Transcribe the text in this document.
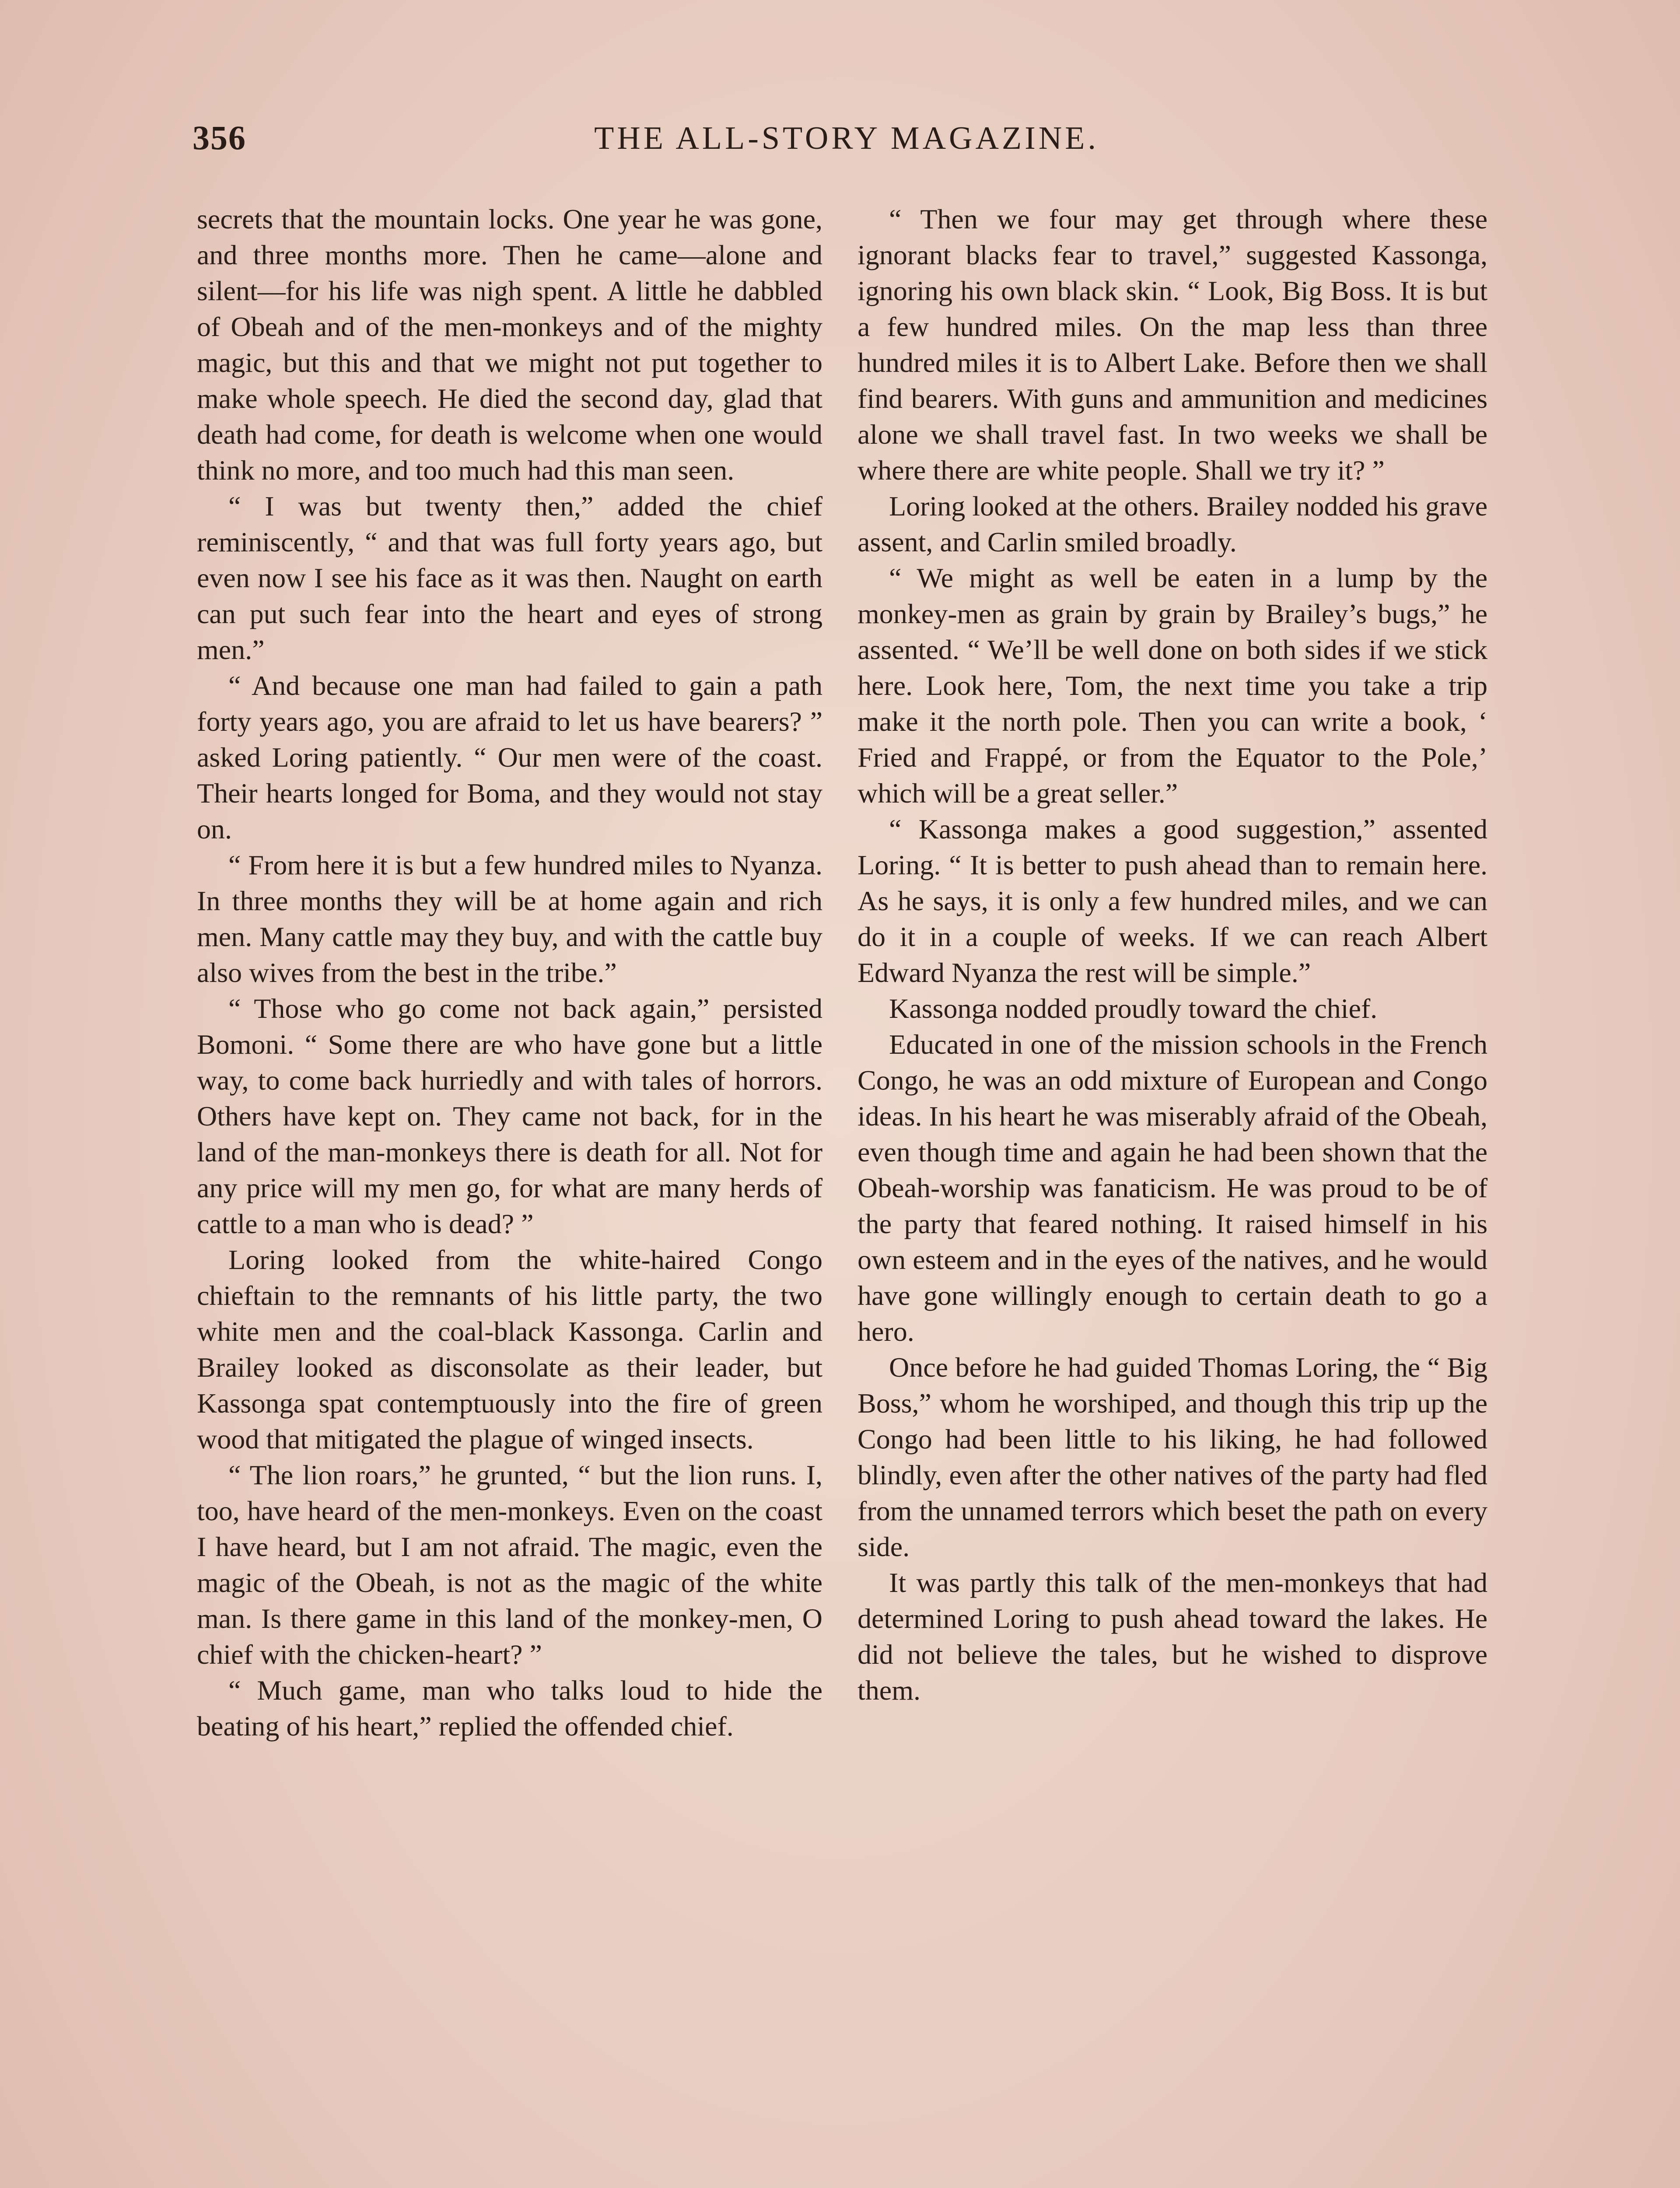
356	THE ALL-STORY MAGAZINE.

secrets that the mountain locks. One year he was gone, and three months more. Then he came—alone and silent—for his life was nigh spent. A little he dabbled of Obeah and of the men-monkeys and of the mighty magic, but this and that we might not put together to make whole speech. He died the second day, glad that death had come, for death is welcome when one would think no more, and too much had this man seen.

“ I was but twenty then,” added the chief reminiscently, “ and that was full forty years ago, but even now I see his face as it was then. Naught on earth can put such fear into the heart and eyes of strong men.”

“ And because one man had failed to gain a path forty years ago, you are afraid to let us have bearers? ” asked Loring patiently. “ Our men were of the coast. Their hearts longed for Boma, and they would not stay on.

“ From here it is but a few hundred miles to Nyanza. In three months they will be at home again and rich men. Many cattle may they buy, and with the cattle buy also wives from the best in the tribe.”

“ Those who go come not back again,” persisted Bomoni. “ Some there are who have gone but a little way, to come back hurriedly and with tales of horrors. Others have kept on. They came not back, for in the land of the man-monkeys there is death for all. Not for any price will my men go, for what are many herds of cattle to a man who is dead? ”

Loring looked from the white-haired Congo chieftain to the remnants of his little party, the two white men and the coal-black Kassonga. Carlin and Brailey looked as disconsolate as their leader, but Kassonga spat contemptuously into the fire of green wood that mitigated the plague of winged insects.

“ The lion roars,” he grunted, “ but the lion runs. I, too, have heard of the men-monkeys. Even on the coast I have heard, but I am not afraid. The magic, even the magic of the Obeah, is not as the magic of the white man. Is there game in this land of the monkey-men, O chief with the chicken-heart? ”

“ Much game, man who talks loud to hide the beating of his heart,” replied the offended chief.

“ Then we four may get through where these ignorant blacks fear to travel,” suggested Kassonga, ignoring his own black skin. “ Look, Big Boss. It is but a few hundred miles. On the map less than three hundred miles it is to Albert Lake. Before then we shall find bearers. With guns and ammunition and medicines alone we shall travel fast. In two weeks we shall be where there are white people. Shall we try it? ”

Loring looked at the others. Brailey nodded his grave assent, and Carlin smiled broadly.

“ We might as well be eaten in a lump by the monkey-men as grain by grain by Brailey’s bugs,” he assented. “ We’ll be well done on both sides if we stick here. Look here, Tom, the next time you take a trip make it the north pole. Then you can write a book, ‘ Fried and Frappé, or from the Equator to the Pole,’ which will be a great seller.”

“ Kassonga makes a good suggestion,” assented Loring. “ It is better to push ahead than to remain here. As he says, it is only a few hundred miles, and we can do it in a couple of weeks. If we can reach Albert Edward Nyanza the rest will be simple.”

Kassonga nodded proudly toward the chief.

Educated in one of the mission schools in the French Congo, he was an odd mixture of European and Congo ideas. In his heart he was miserably afraid of the Obeah, even though time and again he had been shown that the Obeah-worship was fanaticism. He was proud to be of the party that feared nothing. It raised himself in his own esteem and in the eyes of the natives, and he would have gone willingly enough to certain death to go a hero.

Once before he had guided Thomas Loring, the “ Big Boss,” whom he worshiped, and though this trip up the Congo had been little to his liking, he had followed blindly, even after the other natives of the party had fled from the unnamed terrors which beset the path on every side.

It was partly this talk of the men-monkeys that had determined Loring to push ahead toward the lakes. He did not believe the tales, but he wished to disprove them.
